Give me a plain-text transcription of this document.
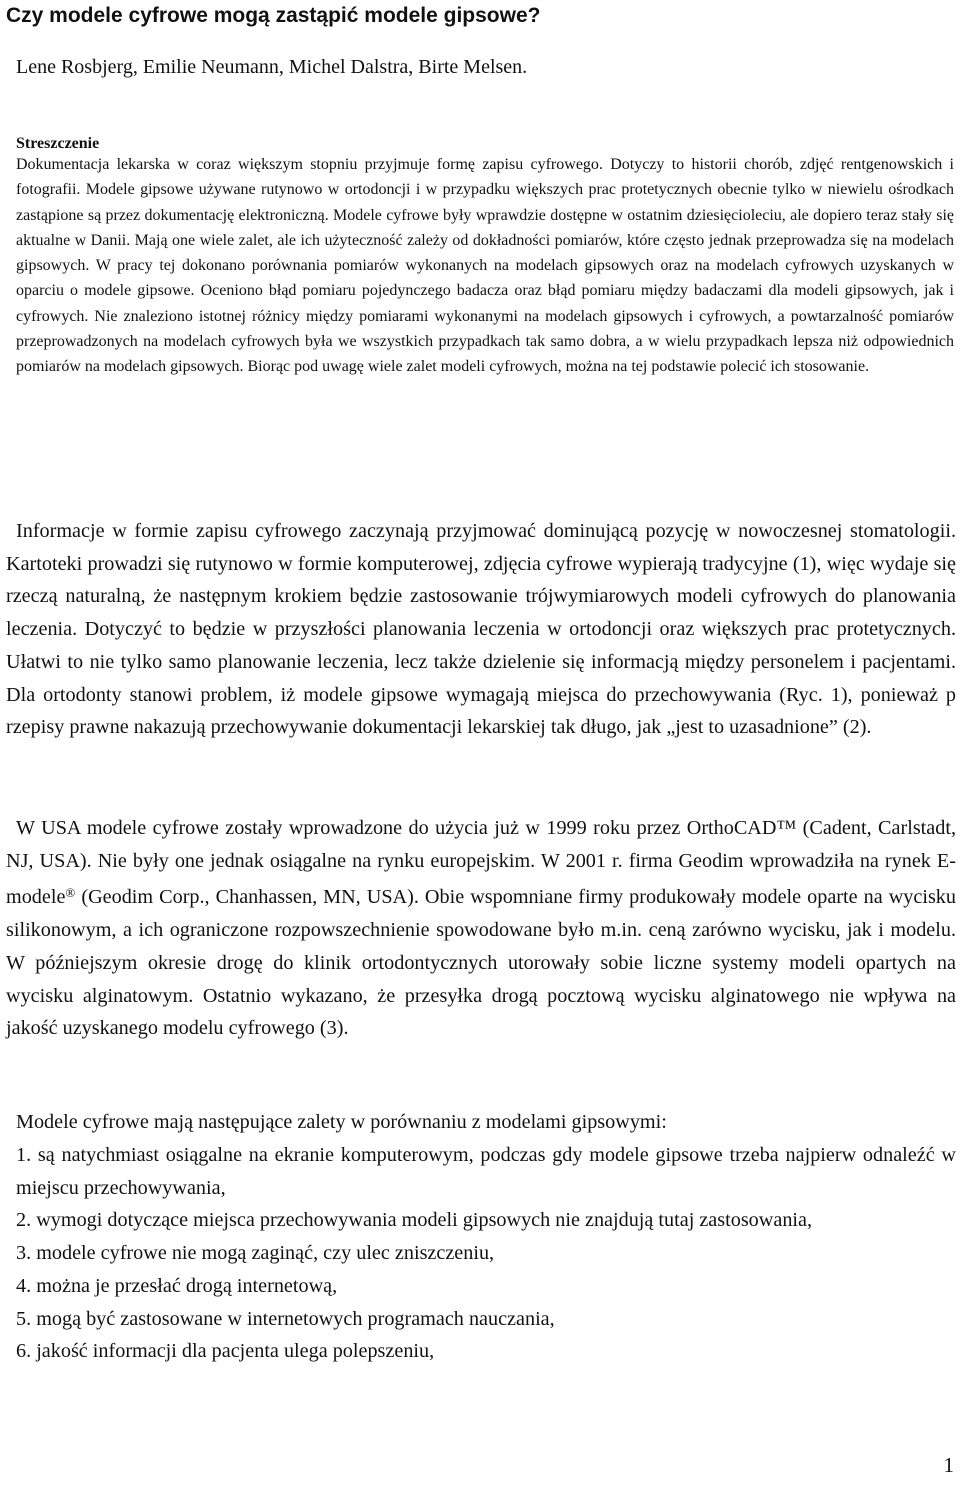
Czy modele cyfrowe mogą zastąpić modele gipsowe?
Lene Rosbjerg, Emilie Neumann, Michel Dalstra, Birte Melsen.
Streszczenie

Dokumentacja lekarska w coraz większym stopniu przyjmuje formę zapisu cyfrowego. Dotyczy to historii chorób, zdjęć rentgenowskich i fotografii. Modele gipsowe używane rutynowo w ortodoncji i w przypadku większych prac protetycznych obecnie tylko w niewielu ośrodkach zastąpione są przez dokumentację elektroniczną. Modele cyfrowe były wprawdzie dostępne w ostatnim dziesięcioleciu, ale dopiero teraz stały się aktualne w Danii. Mają one wiele zalet, ale ich użyteczność zależy od dokładności pomiarów, które często jednak przeprowadza się na modelach gipsowych. W pracy tej dokonano porównania pomiarów wykonanych na modelach gipsowych oraz na modelach cyfrowych uzyskanych w oparciu o modele gipsowe. Oceniono błąd pomiaru pojedynczego badacza oraz błąd pomiaru między badaczami dla modeli gipsowych, jak i cyfrowych. Nie znaleziono istotnej różnicy między pomiarami wykonanymi na modelach gipsowych i cyfrowych, a powtarzalność pomiarów przeprowadzonych na modelach cyfrowych była we wszystkich przypadkach tak samo dobra, a w wielu przypadkach lepsza niż odpowiednich pomiarów na modelach gipsowych. Biorąc pod uwagę wiele zalet modeli cyfrowych, można na tej podstawie polecić ich stosowanie.

Informacje w formie zapisu cyfrowego zaczynają przyjmować dominującą pozycję w nowoczesnej stomatologii. Kartoteki prowadzi się rutynowo w formie komputerowej, zdjęcia cyfrowe wypierają tradycyjne (1), więc wydaje się rzeczą naturalną, że następnym krokiem będzie zastosowanie trójwymiarowych modeli cyfrowych do planowania leczenia. Dotyczyć to będzie w przyszłości planowania leczenia w ortodoncji oraz większych prac protetycznych. Ułatwi to nie tylko samo planowanie leczenia, lecz także dzielenie się informacją między personelem i pacjentami. Dla ortodonty stanowi problem, iż modele gipsowe wymagają miejsca do przechowywania (Ryc. 1), ponieważ p rzepisy prawne nakazują przechowywanie dokumentacji lekarskiej tak długo, jak „jest to uzasadnione” (2).

W USA modele cyfrowe zostały wprowadzone do użycia już w 1999 roku przez OrthoCAD™ (Cadent, Carlstadt, NJ, USA). Nie były one jednak osiągalne na rynku europejskim. W 2001 r. firma Geodim wprowadziła na rynek E-modele® (Geodim Corp., Chanhassen, MN, USA). Obie wspomniane firmy produkowały modele oparte na wycisku silikonowym, a ich ograniczone rozpowszechnienie spowodowane było m.in. ceną zarówno wycisku, jak i modelu. W późniejszym okresie drogę do klinik ortodontycznych utorowały sobie liczne systemy modeli opartych na wycisku alginatowym. Ostatnio wykazano, że przesyłka drogą pocztową wycisku alginatowego nie wpływa na jakość uzyskanego modelu cyfrowego (3).

Modele cyfrowe mają następujące zalety w porównaniu z modelami gipsowymi:

1. są natychmiast osiągalne na ekranie komputerowym, podczas gdy modele gipsowe trzeba najpierw odnaleźć w miejscu przechowywania,
2. wymogi dotyczące miejsca przechowywania modeli gipsowych nie znajdują tutaj zastosowania,
3. modele cyfrowe nie mogą zaginąć, czy ulec zniszczeniu,
4. można je przesłać drogą internetową,
5. mogą być zastosowane w internetowych programach nauczania,
6. jakość informacji dla pacjenta ulega polepszeniu,
1
